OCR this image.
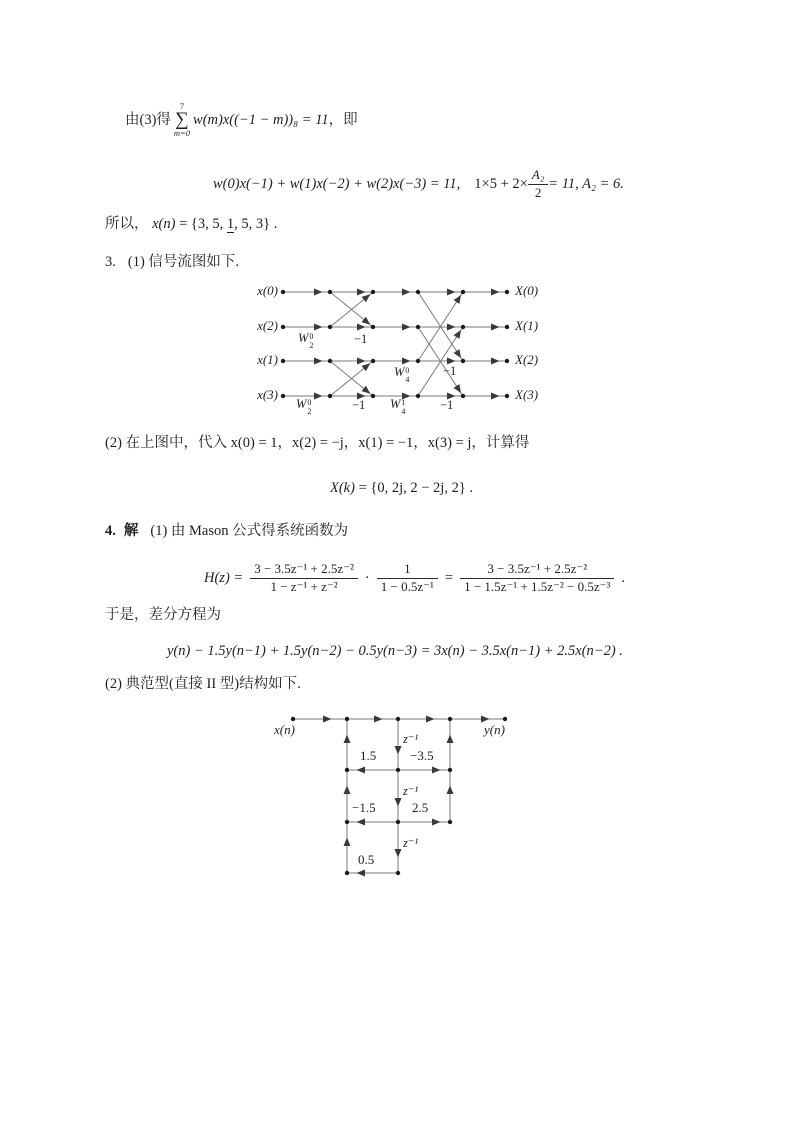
由(3)得
7
∑
m=0
w(m)x((−1 − m))₈ = 11 ，即
w(0)x(−1) + w(1)x(−2) + w(2)x(−3) = 11, $1\times 5 + 2\times \frac{\text{A₂}}{2} = 11$, A₂ = 6.
所以， x(n) = {3, 5, 1, 5, 3} .
3. (1) 信号流图如下.
x(0)
x(2)
x(1)
x(3)
X(0)
X(1)
X(2)
X(3)
W 0
2	−1
W 0
2	−1
W 0
4
−1
W 1
4	−1
(2) 在上图中，代入 x(0) = 1，x(2) = −j，x(1) = −1，x(3) = j，计算得
X(k) = {0, 2j, 2 − 2j, 2} .
4. 解 (1) 由 Mason 公式得系统函数为
$H(z) = \frac{\text{3 − 3.5z⁻¹ + 2.5z⁻²}}{\text{1 − z⁻¹ + z⁻²}} \cdot \frac{1}{\text{1 − 0.5z⁻¹}} = \frac{\text{3 − 3.5z⁻¹ + 2.5z⁻²}}{\text{1 − 1.5z⁻¹ + 1.5z⁻² − 0.5z⁻³}}$ .
于是，差分方程为
y(n) − 1.5y(n−1) + 1.5y(n−2) − 0.5y(n−3) = 3x(n) − 3.5x(n−1) + 2.5x(n−2) .
(2) 典范型(直接 II 型)结构如下.
x(n)	y(n)
z⁻¹
z⁻¹
z⁻¹
1.5	−3.5
−1.5	2.5
0.5
